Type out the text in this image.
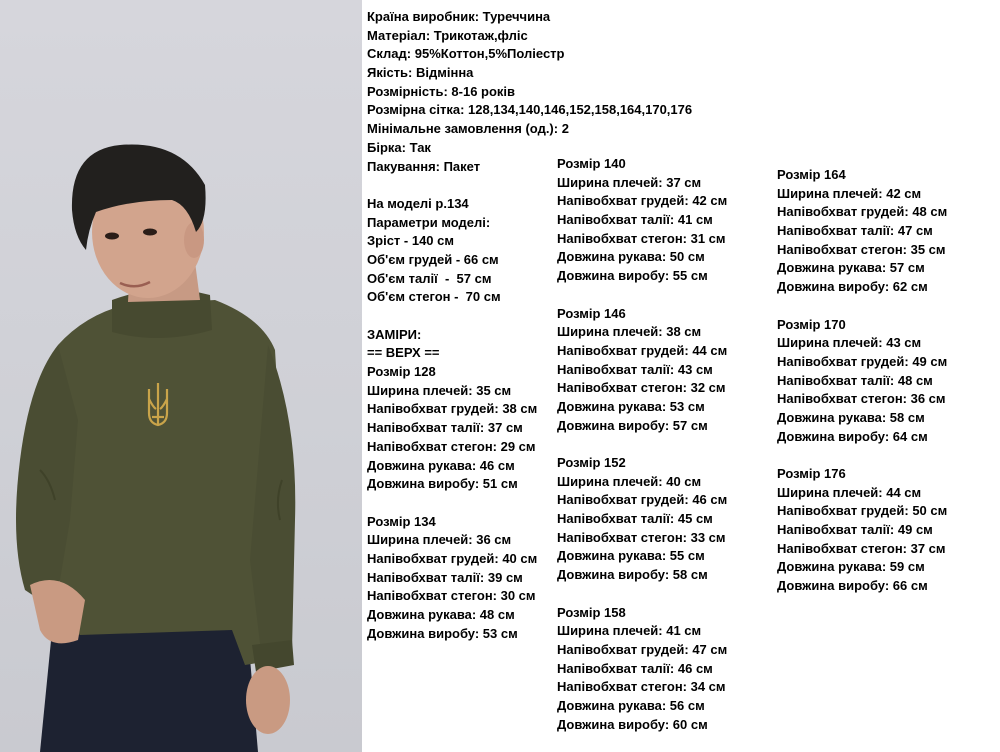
Країна виробник: Туреччина
Матеріал: Трикотаж,фліс
Склад: 95%Коттон,5%Поліестр
Якість: Відмінна
Розмірність: 8-16 років
Розмірна сітка: 128,134,140,146,152,158,164,170,176
Мінімальне замовлення (од.): 2
Бірка: Так
Пакування: Пакет
На моделі р.134
Параметри моделі:
Зріст - 140 см
Об'єм грудей - 66 см
Об'єм талії  -  57 см
Об'єм стегон -  70 см
ЗАМІРИ:
== ВЕРХ ==
Розмір 128
Ширина плечей: 35 см
Напівобхват грудей: 38 см
Напівобхват талії: 37 см
Напівобхват стегон: 29 см
Довжина рукава: 46 см
Довжина виробу: 51 см
Розмір 134
Ширина плечей: 36 см
Напівобхват грудей: 40 см
Напівобхват талії: 39 см
Напівобхват стегон: 30 см
Довжина рукава: 48 см
Довжина виробу: 53 см
Розмір 140
Ширина плечей: 37 см
Напівобхват грудей: 42 см
Напівобхват талії: 41 см
Напівобхват стегон: 31 см
Довжина рукава: 50 см
Довжина виробу: 55 см
Розмір 146
Ширина плечей: 38 см
Напівобхват грудей: 44 см
Напівобхват талії: 43 см
Напівобхват стегон: 32 см
Довжина рукава: 53 см
Довжина виробу: 57 см
Розмір 152
Ширина плечей: 40 см
Напівобхват грудей: 46 см
Напівобхват талії: 45 см
Напівобхват стегон: 33 см
Довжина рукава: 55 см
Довжина виробу: 58 см
Розмір 158
Ширина плечей: 41 см
Напівобхват грудей: 47 см
Напівобхват талії: 46 см
Напівобхват стегон: 34 см
Довжина рукава: 56 см
Довжина виробу: 60 см
Розмір 164
Ширина плечей: 42 см
Напівобхват грудей: 48 см
Напівобхват талії: 47 см
Напівобхват стегон: 35 см
Довжина рукава: 57 см
Довжина виробу: 62 см
Розмір 170
Ширина плечей: 43 см
Напівобхват грудей: 49 см
Напівобхват талії: 48 см
Напівобхват стегон: 36 см
Довжина рукава: 58 см
Довжина виробу: 64 см
Розмір 176
Ширина плечей: 44 см
Напівобхват грудей: 50 см
Напівобхват талії: 49 см
Напівобхват стегон: 37 см
Довжина рукава: 59 см
Довжина виробу: 66 см
